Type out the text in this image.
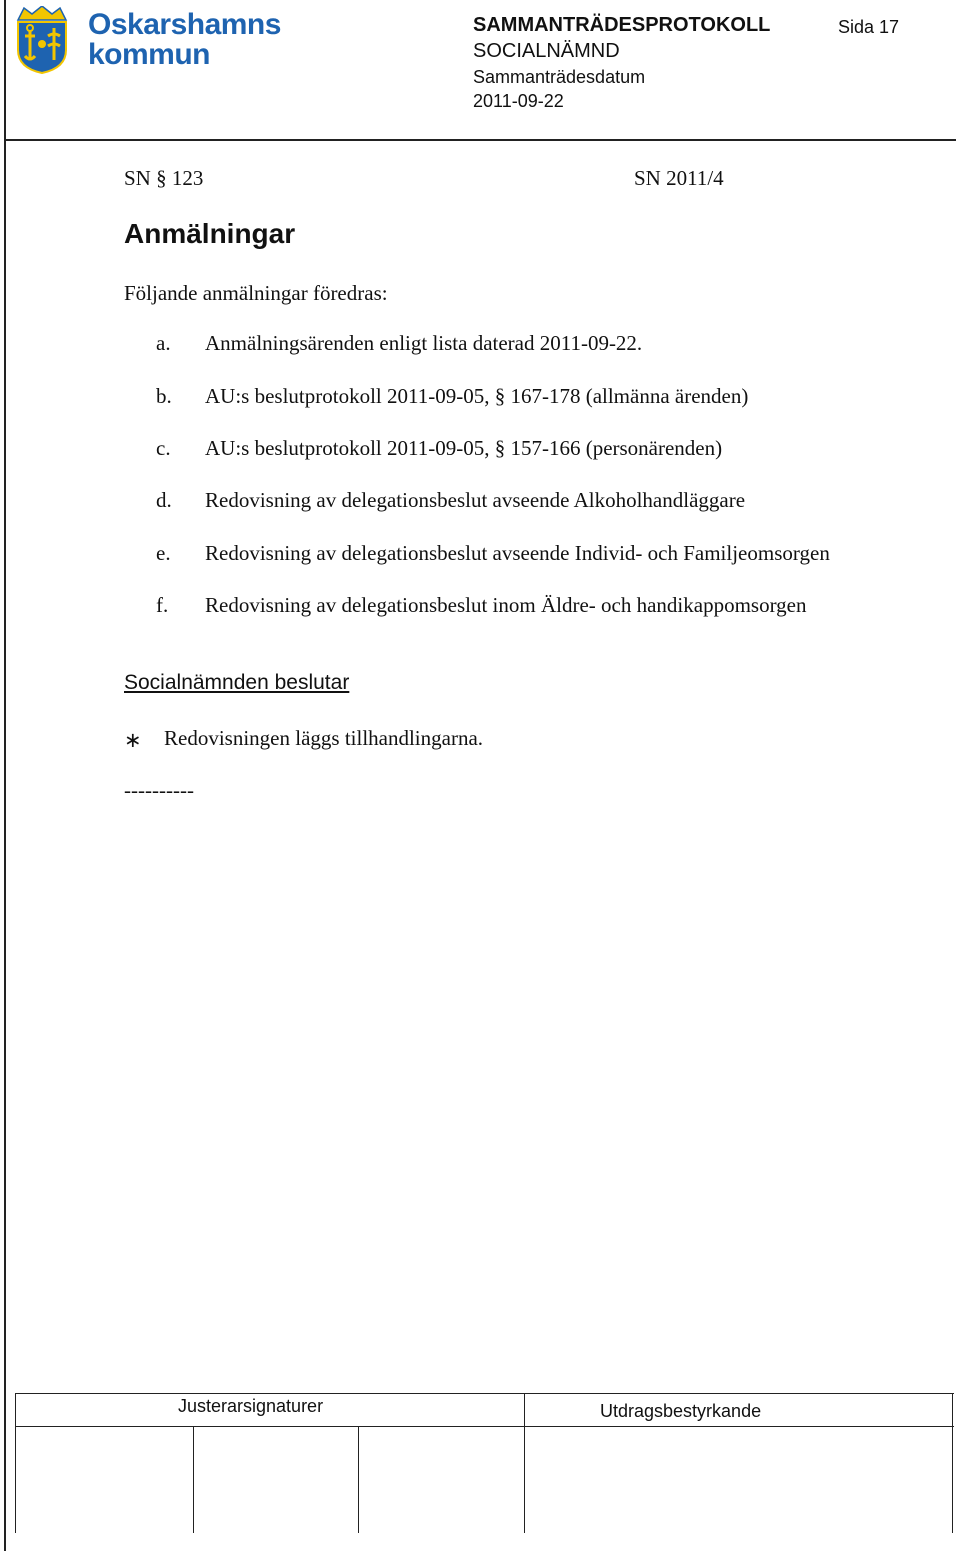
Oskarshamns
kommun
SAMMANTRÄDESPROTOKOLL	Sida 17
SOCIALNÄMND
Sammanträdesdatum
2011-09-22
SN § 123	SN 2011/4
Anmälningar
Följande anmälningar föredras:
a. Anmälningsärenden enligt lista daterad 2011-09-22.
b. AU:s beslutprotokoll 2011-09-05, § 167-178 (allmänna ärenden)
c. AU:s beslutprotokoll 2011-09-05, § 157-166 (personärenden)
d. Redovisning av delegationsbeslut avseende Alkoholhandläggare
e. Redovisning av delegationsbeslut avseende Individ- och Familjeomsorgen
f. Redovisning av delegationsbeslut inom Äldre- och handikappomsorgen
Socialnämnden beslutar
∗ Redovisningen läggs tillhandlingarna.
----------
Justerarsignaturer	Utdragsbestyrkande
